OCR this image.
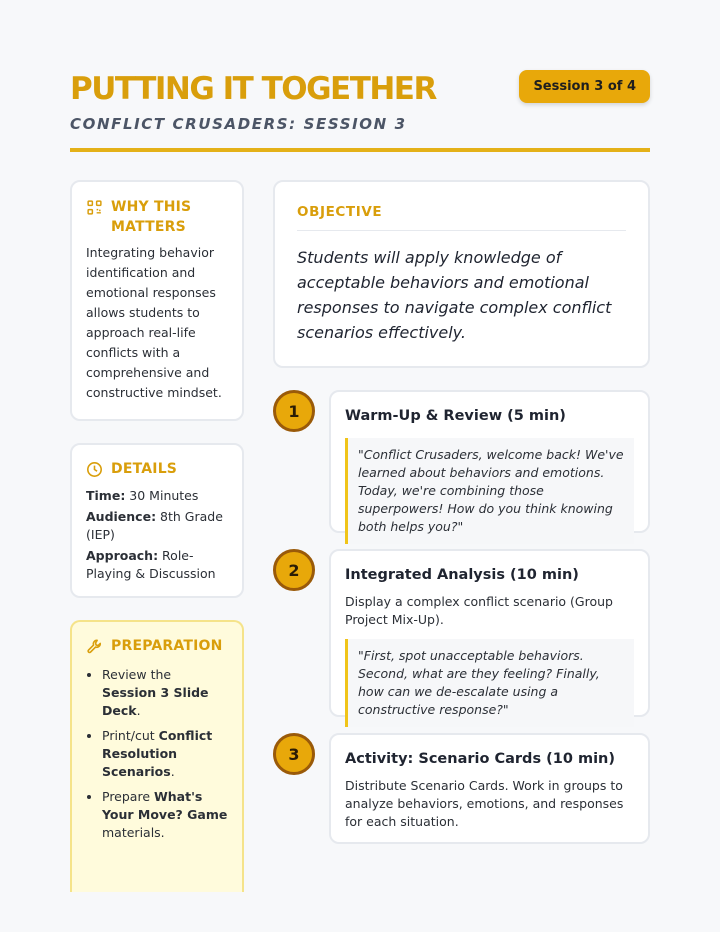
PUTTING IT TOGETHER
CONFLICT CRUSADERS: SESSION 3
Session 3 of 4
WHY THIS MATTERS
Integrating behavior identification and emotional responses allows students to approach real-life conflicts with a comprehensive and constructive mindset.
DETAILS
Time: 30 Minutes
Audience: 8th Grade (IEP)
Approach: Role-Playing & Discussion
PREPARATION
• Review the Session 3 Slide Deck.
• Print/cut Conflict Resolution Scenarios.
• Prepare What's Your Move? Game materials.
OBJECTIVE
Students will apply knowledge of acceptable behaviors and emotional responses to navigate complex conflict scenarios effectively.
1	Warm-Up & Review (5 min)
"Conflict Crusaders, welcome back! We've learned about behaviors and emotions. Today, we're combining those superpowers! How do you think knowing both helps you?"
2	Integrated Analysis (10 min)
Display a complex conflict scenario (Group Project Mix-Up).
"First, spot unacceptable behaviors. Second, what are they feeling? Finally, how can we de-escalate using a constructive response?"
3	Activity: Scenario Cards (10 min)
Distribute Scenario Cards. Work in groups to analyze behaviors, emotions, and responses for each situation.
